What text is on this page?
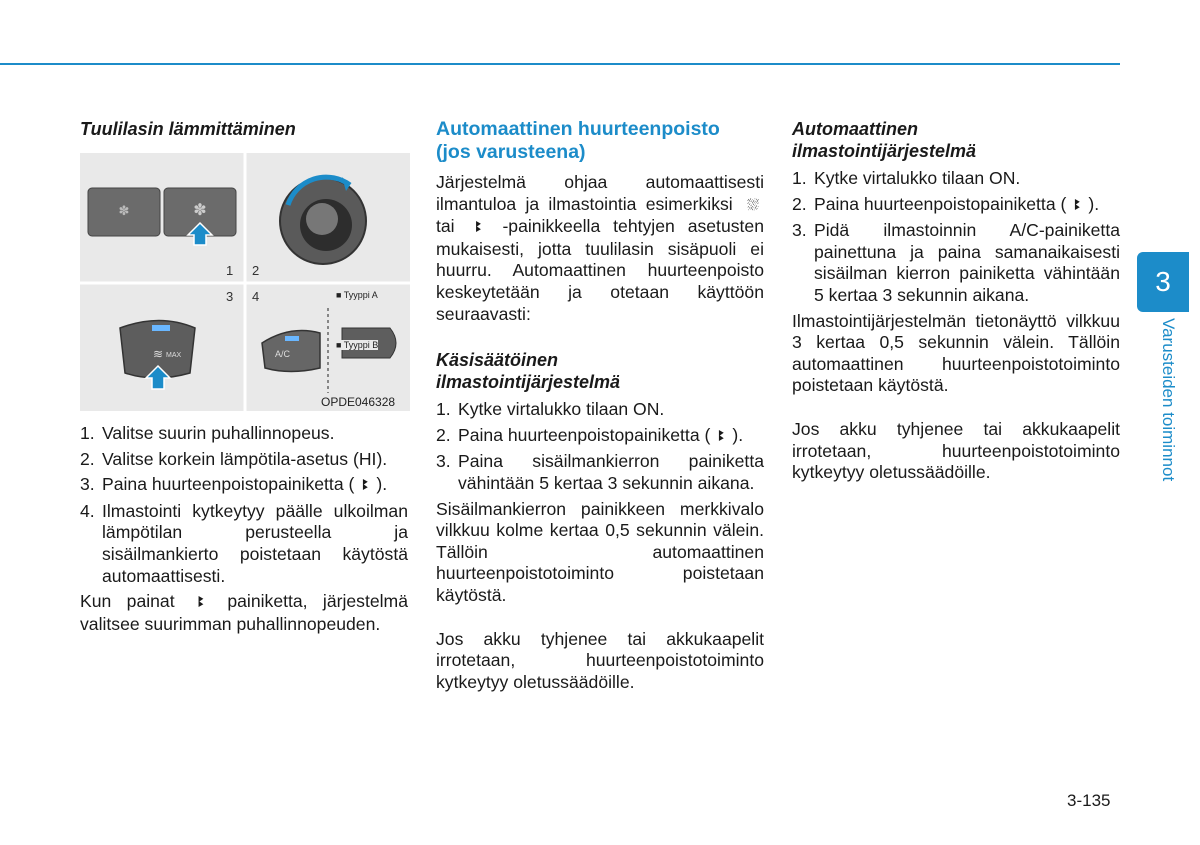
Tuulilasin lämmittäminen

✽	✽
≋
1 2
3 4	■ Tyyppi A
■ Tyyppi B
MAX	A/C
OPDE046328
1. Valitse suurin puhallinnopeus.
2. Valitse korkein lämpötila-asetus (HI).
3. Paina huurteenpoistopainiketta ( ꔪ ).
4. Ilmastointi kytkeytyy päälle ulkoilman lämpötilan perusteella ja sisäilmankierto poistetaan käytöstä automaattisesti.

Kun painat ꔪ painiketta, järjestelmä valitsee suurimman puhallinnopeuden.

Automaattinen huurteenpoisto

(jos varusteena)

Järjestelmä ohjaa automaattisesti ilmantuloa ja ilmastointia esimerkiksi ⛆ tai ꔪ -painikkeella tehtyjen asetusten mukaisesti, jotta tuulilasin sisäpuoli ei huurru. Automaattinen huurteenpoisto keskeytetään ja otetaan käyttöön seuraavasti:

Käsisäätöinen

ilmastointijärjestelmä

1. Kytke virtalukko tilaan ON.
2. Paina huurteenpoistopainiketta ( ꔪ ).
3. Paina sisäilmankierron painiketta vähintään 5 kertaa 3 sekunnin aikana.

Sisäilmankierron painikkeen merkkivalo vilkkuu kolme kertaa 0,5 sekunnin välein. Tällöin automaattinen huurteenpoistotoiminto poistetaan käytöstä.

Jos akku tyhjenee tai akkukaapelit irrotetaan, huurteenpoistotoiminto kytkeytyy oletussäädöille.

Automaattinen

ilmastointijärjestelmä

1. Kytke virtalukko tilaan ON.
2. Paina huurteenpoistopainiketta ( ꔪ ).
3. Pidä ilmastoinnin A/C-painiketta painettuna ja paina samanaikaisesti sisäilman kierron painiketta vähintään 5 kertaa 3 sekunnin aikana.

Ilmastointijärjestelmän tietonäyttö vilkkuu 3 kertaa 0,5 sekunnin välein. Tällöin automaattinen huurteenpoistotoiminto poistetaan käytöstä.

Jos akku tyhjenee tai akkukaapelit irrotetaan, huurteenpoistotoiminto kytkeytyy oletussäädöille.

3
Varusteiden toiminnot
3-135
